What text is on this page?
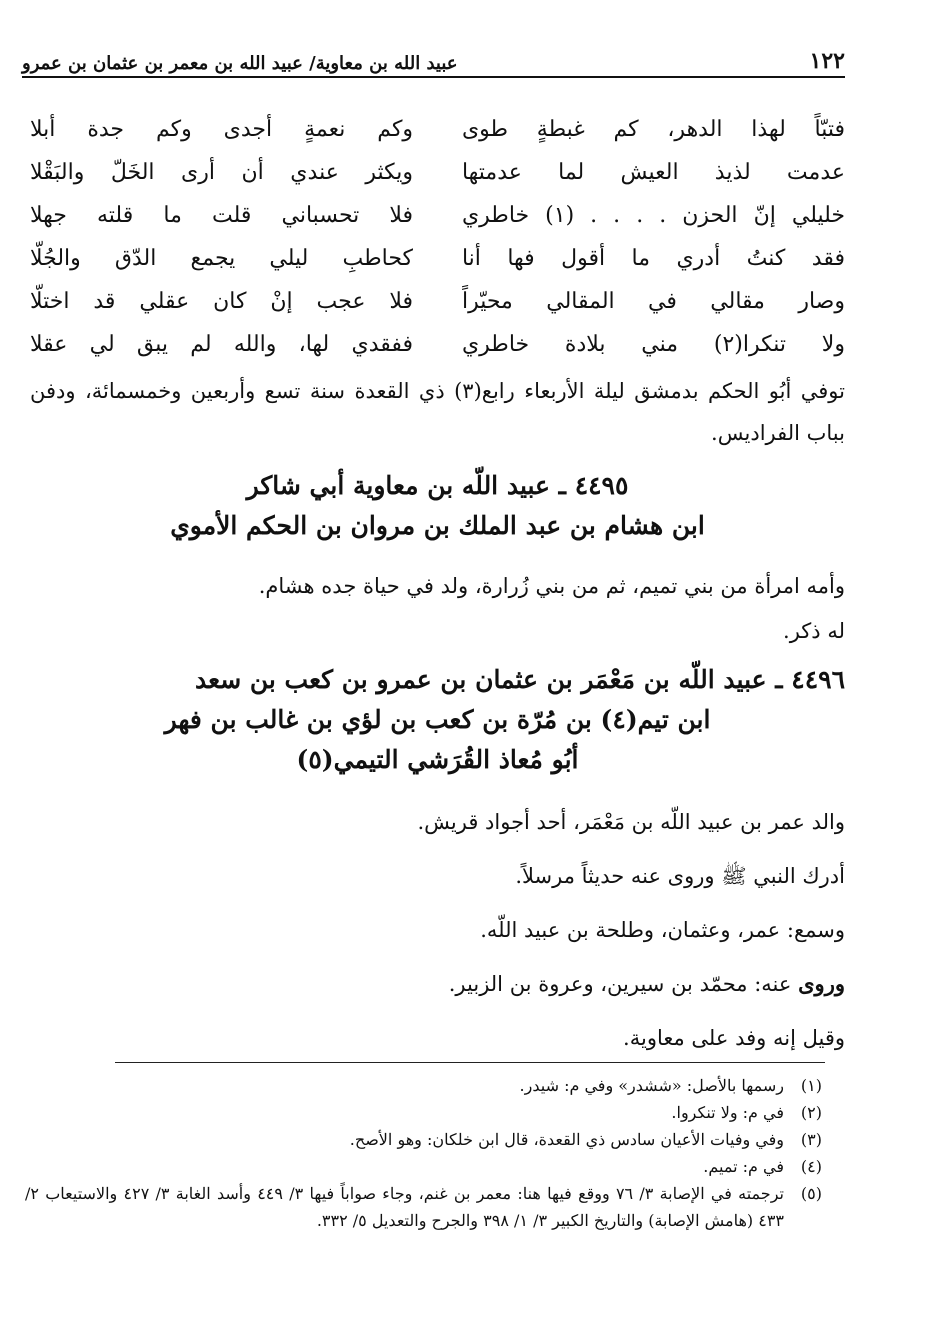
١٢٢
عبيد الله بن معاوية/ عبيد الله بن معمر بن عثمان بن عمرو
فتبّاً لهذا الدهر، كم غبطةٍ طوى
وكم نعمةٍ أجدى وكم جدة أبلا
عدمت لذيذ العيش لما عدمتها
ويكثر عندي أن أرى الخَلّ والبَقْلا
خليلي إنّ الحزن . . . . (١) خاطري
فلا تحسباني قلت ما قلته جهلا
فقد كنتُ أدري ما أقول فها أنا
كحاطبِ ليلي يجمع الدّق والجُلّا
وصار مقالي في المقالي محيّراً
فلا عجب إنْ كان عقلي قد اختلّا
ولا تنكرا(٢) مني بلادة خاطري
ففقدي لها، والله لم يبق لي عقلا
توفي أبُو الحكم بدمشق ليلة الأربعاء رابع(٣) ذي القعدة سنة تسع وأربعين وخمسمائة، ودفن بباب الفراديس.
٤٤٩٥ ـ عبيد اللّه بن معاوية أبي شاكر
ابن هشام بن عبد الملك بن مروان بن الحكم الأموي
وأمه امرأة من بني تميم، ثم من بني زُرارة، ولد في حياة جده هشام.
له ذكر.
٤٤٩٦ ـ عبيد اللّه بن مَعْمَر بن عثمان بن عمرو بن كعب بن سعد
ابن تيم(٤) بن مُرّة بن كعب بن لؤي بن غالب بن فهر
أبُو مُعاذ القُرَشي التيمي(٥)
والد عمر بن عبيد اللّه بن مَعْمَر، أحد أجواد قريش.
أدرك النبي ﷺ وروى عنه حديثاً مرسلاً.
وسمع: عمر، وعثمان، وطلحة بن عبيد اللّه.
وروى عنه: محمّد بن سيرين، وعروة بن الزبير.
وقيل إنه وفد على معاوية.
(١)
رسمها بالأصل: «ششدر» وفي م: شيدر.
(٢)
في م: ولا تنكروا.
(٣)
وفي وفيات الأعيان سادس ذي القعدة، قال ابن خلكان: وهو الأصح.
(٤)
في م: تميم.
(٥)
ترجمته في الإصابة ٣/ ٧٦ ووقع فيها هنا: معمر بن غنم، وجاء صواباً فيها ٣/ ٤٤٩ وأسد الغابة ٣/ ٤٢٧ والاستيعاب ٢/ ٤٣٣ (هامش الإصابة) والتاريخ الكبير ٣/ ١/ ٣٩٨ والجرح والتعديل ٥/ ٣٣٢.
